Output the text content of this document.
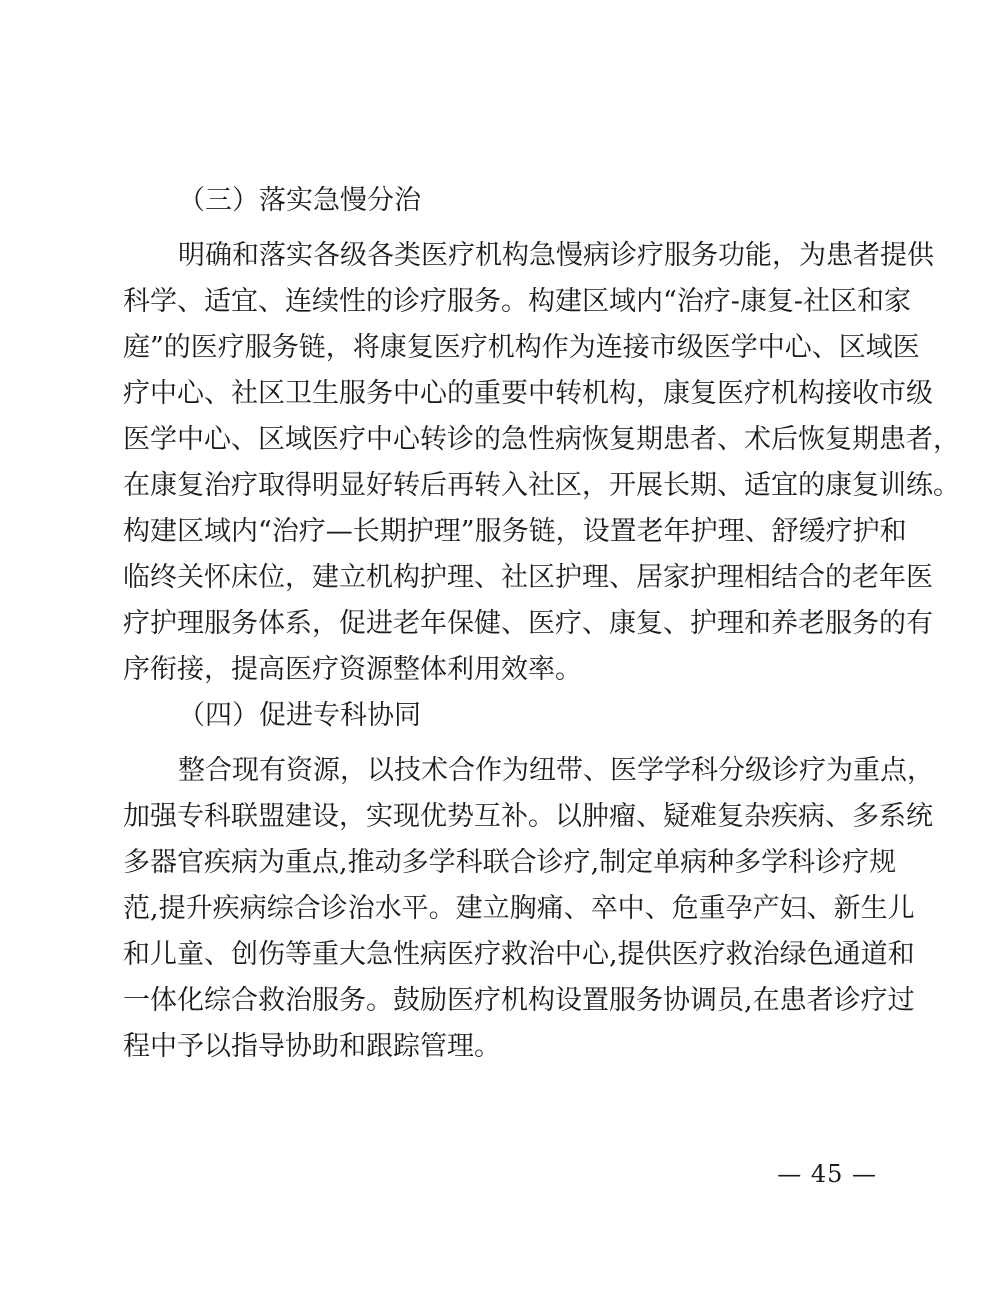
（三）落实急慢分治
明确和落实各级各类医疗机构急慢病诊疗服务功能，为患者提供
科学、适宜、连续性的诊疗服务。构建区域内“治疗-康复-社区和家
庭”的医疗服务链，将康复医疗机构作为连接市级医学中心、区域医
疗中心、社区卫生服务中心的重要中转机构，康复医疗机构接收市级
医学中心、区域医疗中心转诊的急性病恢复期患者、术后恢复期患者，
在康复治疗取得明显好转后再转入社区，开展长期、适宜的康复训练。
构建区域内“治疗—长期护理”服务链，设置老年护理、舒缓疗护和
临终关怀床位，建立机构护理、社区护理、居家护理相结合的老年医
疗护理服务体系，促进老年保健、医疗、康复、护理和养老服务的有
序衔接，提高医疗资源整体利用效率。
（四）促进专科协同
整合现有资源，以技术合作为纽带、医学学科分级诊疗为重点，
加强专科联盟建设，实现优势互补。以肿瘤、疑难复杂疾病、多系统
多器官疾病为重点,推动多学科联合诊疗,制定单病种多学科诊疗规
范,提升疾病综合诊治水平。建立胸痛、卒中、危重孕产妇、新生儿
和儿童、创伤等重大急性病医疗救治中心,提供医疗救治绿色通道和
一体化综合救治服务。鼓励医疗机构设置服务协调员,在患者诊疗过
程中予以指导协助和跟踪管理。
— 45 —
